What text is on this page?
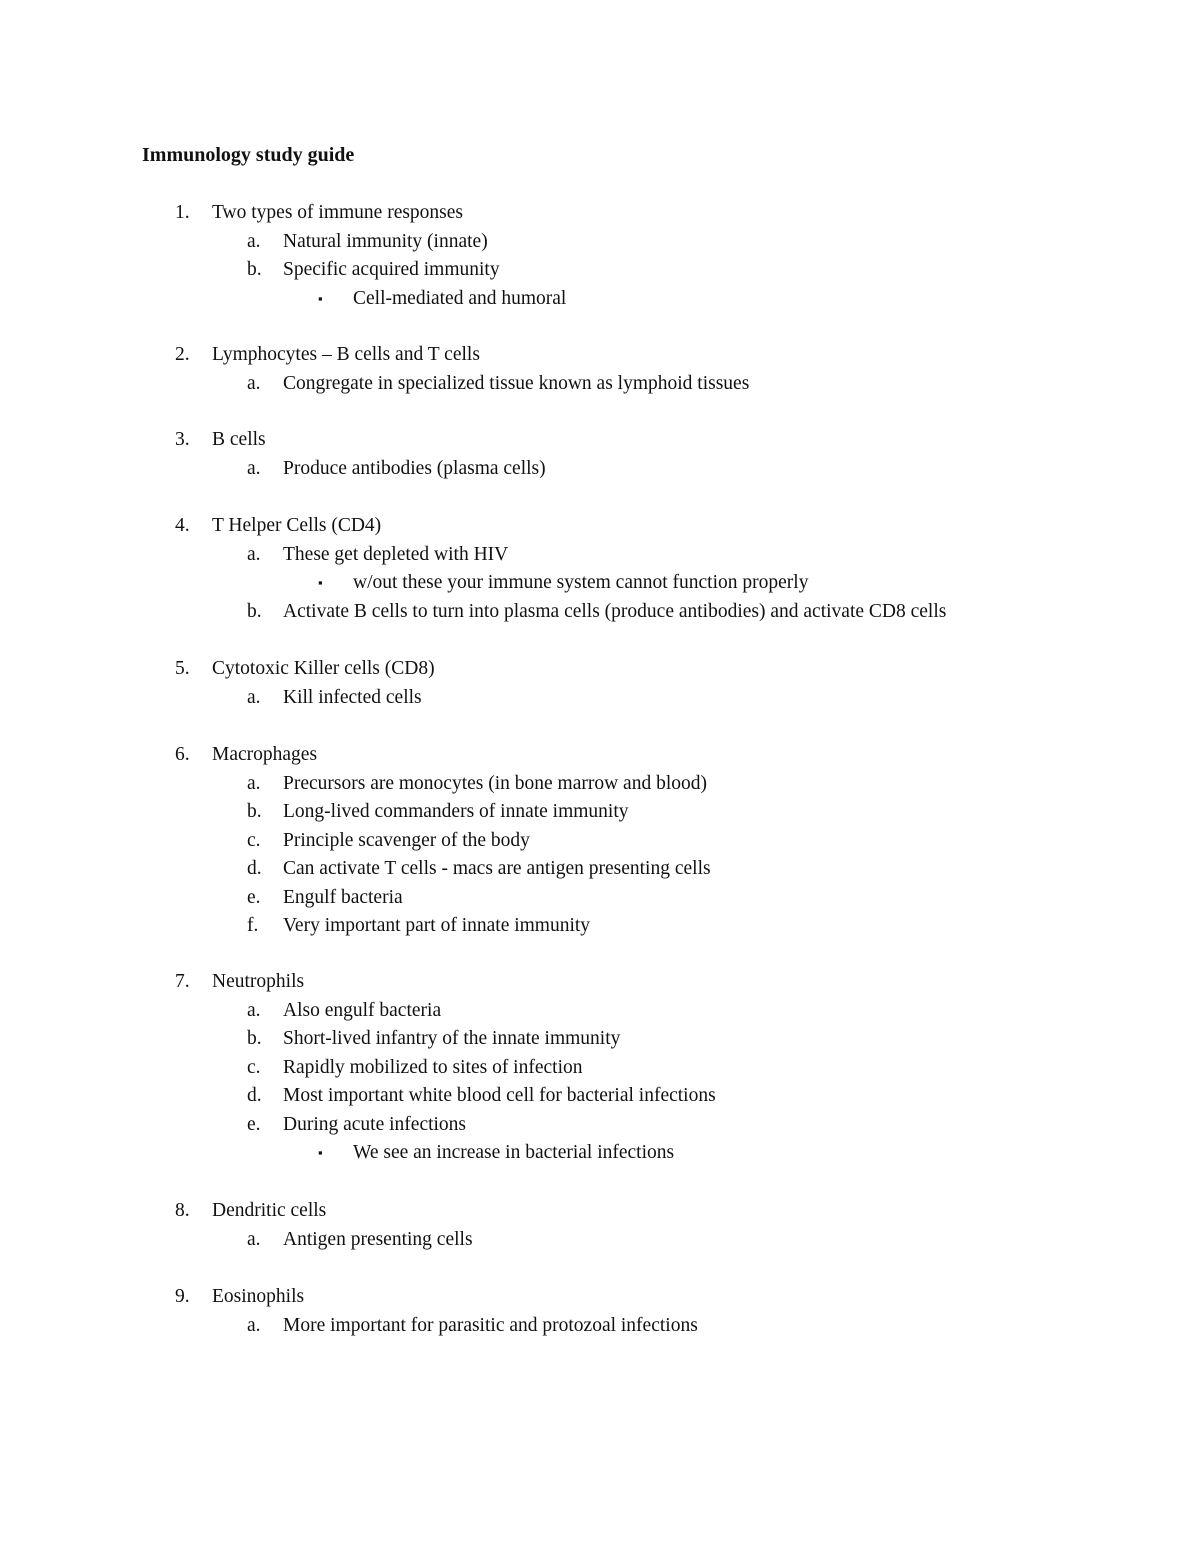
Immunology study guide
1. Two types of immune responses
a. Natural immunity (innate)
b. Specific acquired immunity
▪ Cell-mediated and humoral
2. Lymphocytes – B cells and T cells
a. Congregate in specialized tissue known as lymphoid tissues
3. B cells
a. Produce antibodies (plasma cells)
4. T Helper Cells (CD4)
a. These get depleted with HIV
▪ w/out these your immune system cannot function properly
b. Activate B cells to turn into plasma cells (produce antibodies) and activate CD8 cells
5. Cytotoxic Killer cells (CD8)
a. Kill infected cells
6. Macrophages
a. Precursors are monocytes (in bone marrow and blood)
b. Long-lived commanders of innate immunity
c. Principle scavenger of the body
d. Can activate T cells - macs are antigen presenting cells
e. Engulf bacteria
f. Very important part of innate immunity
7. Neutrophils
a. Also engulf bacteria
b. Short-lived infantry of the innate immunity
c. Rapidly mobilized to sites of infection
d. Most important white blood cell for bacterial infections
e. During acute infections
▪ We see an increase in bacterial infections
8. Dendritic cells
a. Antigen presenting cells
9. Eosinophils
a. More important for parasitic and protozoal infections
